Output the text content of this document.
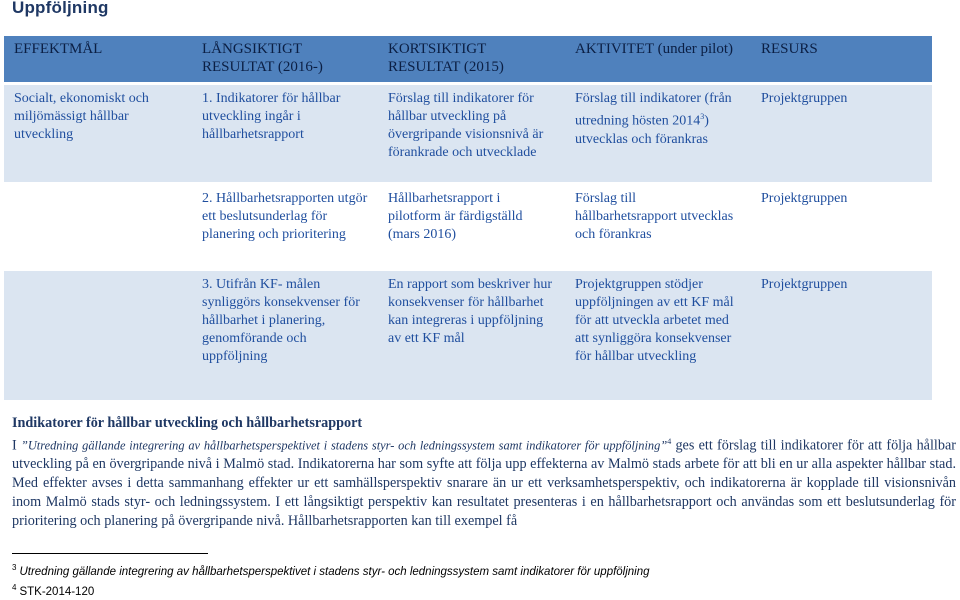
Uppföljning
EFFEKTMÅL	LÅNGSIKTIGT RESULTAT (2016-)	KORTSIKTIGT RESULTAT (2015)	AKTIVITET (under pilot)	RESURS
Socialt, ekonomiskt och miljömässigt hållbar utveckling	1. Indikatorer för hållbar utveckling ingår i hållbarhetsrapport	Förslag till indikatorer för hållbar utveckling på övergripande visionsnivå är förankrade och utvecklade	Förslag till indikatorer (från utredning hösten 2014$^3$) utvecklas och förankras	Projektgruppen
	2. Hållbarhetsrapporten utgör ett beslutsunderlag för planering och prioritering	Hållbarhetsrapport i pilotform är färdigställd (mars 2016)	Förslag till hållbarhetsrapport utvecklas och förankras	Projektgruppen
	3. Utifrån KF- målen synliggörs konsekvenser för hållbarhet i planering, genomförande och uppföljning	En rapport som beskriver hur konsekvenser för hållbarhet kan integreras i uppföljning av ett KF mål	Projektgruppen stödjer uppföljningen av ett KF mål för att utveckla arbetet med att synliggöra konsekvenser för hållbar utveckling	Projektgruppen
Indikatorer för hållbar utveckling och hållbarhetsrapport

I ”Utredning gällande integrering av hållbarhetsperspektivet i stadens styr- och ledningssystem samt indikatorer för uppföljning”$^4$ ges ett förslag till indikatorer för att följa hållbar utveckling på en övergripande nivå i Malmö stad. Indikatorerna har som syfte att följa upp effekterna av Malmö stads arbete för att bli en ur alla aspekter hållbar stad. Med effekter avses i detta sammanhang effekter ur ett samhällsperspektiv snarare än ur ett verksamhetsperspektiv, och indikatorerna är kopplade till visionsnivån inom Malmö stads styr- och ledningssystem. I ett långsiktigt perspektiv kan resultatet presenteras i en hållbarhetsrapport och användas som ett beslutsunderlag för prioritering och planering på övergripande nivå. Hållbarhetsrapporten kan till exempel få

$^3$ Utredning gällande integrering av hållbarhetsperspektivet i stadens styr- och ledningssystem samt indikatorer för uppföljning
$^4$ STK-2014-120
